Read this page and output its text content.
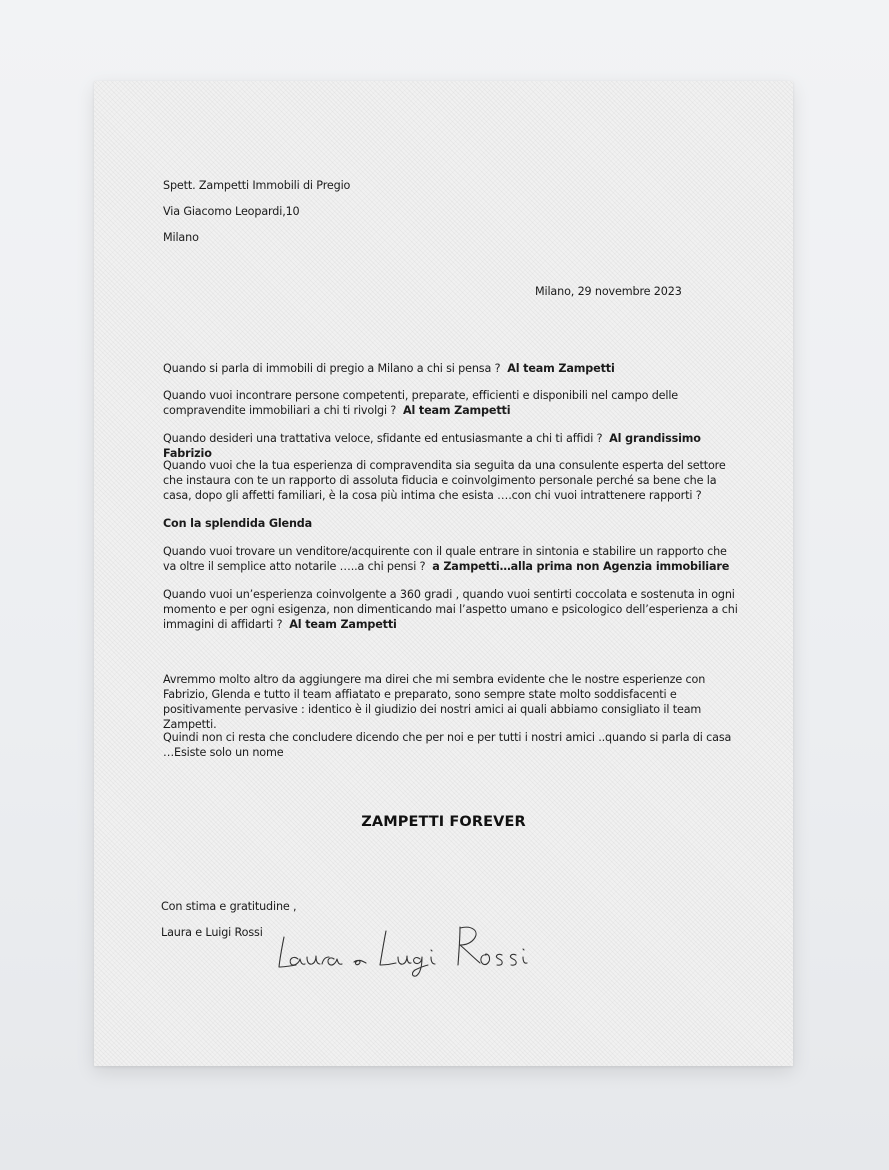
Spett. Zampetti Immobili di Pregio
Via Giacomo Leopardi,10
Milano
Milano, 29 novembre 2023
Quando si parla di immobili di pregio a Milano a chi si pensa ? Al team Zampetti
Quando vuoi incontrare persone competenti, preparate, efficienti e disponibili nel campo delle compravendite immobiliari a chi ti rivolgi ? Al team Zampetti
Quando desideri una trattativa veloce, sfidante ed entusiasmante a chi ti affidi ? Al grandissimo Fabrizio
Quando vuoi che la tua esperienza di compravendita sia seguita da una consulente esperta del settore che instaura con te un rapporto di assoluta fiducia e coinvolgimento personale perché sa bene che la casa, dopo gli affetti familiari, è la cosa più intima che esista ….con chi vuoi intrattenere rapporti ?
Con la splendida Glenda
Quando vuoi trovare un venditore/acquirente con il quale entrare in sintonia e stabilire un rapporto che va oltre il semplice atto notarile …..a chi pensi ? a Zampetti…alla prima non Agenzia immobiliare
Quando vuoi un’esperienza coinvolgente a 360 gradi , quando vuoi sentirti coccolata e sostenuta in ogni momento e per ogni esigenza, non dimenticando mai l’aspetto umano e psicologico dell’esperienza a chi immagini di affidarti ? Al team Zampetti
Avremmo molto altro da aggiungere ma direi che mi sembra evidente che le nostre esperienze con Fabrizio, Glenda e tutto il team affiatato e preparato, sono sempre state molto soddisfacenti e positivamente pervasive : identico è il giudizio dei nostri amici ai quali abbiamo consigliato il team Zampetti.
Quindi non ci resta che concludere dicendo che per noi e per tutti i nostri amici ..quando si parla di casa …Esiste solo un nome
ZAMPETTI FOREVER
Con stima e gratitudine ,
Laura e Luigi Rossi
